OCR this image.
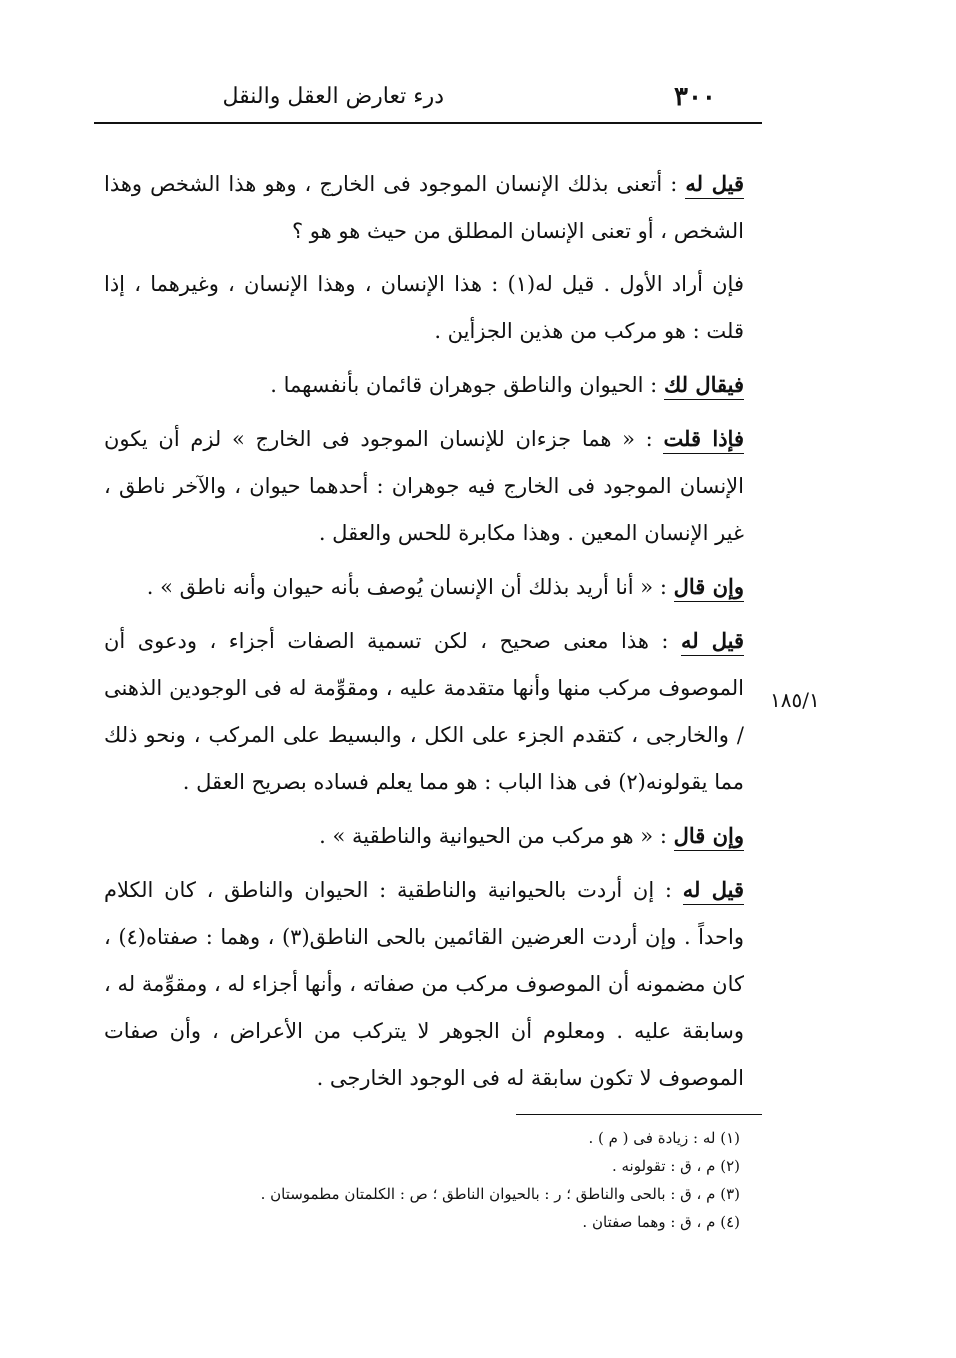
٣٠٠
درء تعارض العقل والنقل
١٨٥/١

قيل له : أتعنى بذلك الإنسان الموجود فى الخارج ، وهو هذا الشخص وهذا الشخص ، أو تعنى الإنسان المطلق من حيث هو هو ؟

فإن أراد الأول . قيل له(١) : هذا الإنسان ، وهذا الإنسان ، وغيرهما ، إذا قلت : هو مركب من هذين الجزأين .

فيقال لك : الحيوان والناطق جوهران قائمان بأنفسهما .

فإذا قلت : « هما جزءان للإنسان الموجود فى الخارج » لزم أن يكون الإنسان الموجود فى الخارج فيه جوهران : أحدهما حيوان ، والآخر ناطق ، غير الإنسان المعين . وهذا مكابرة للحس والعقل .

وإن قال : « أنا أريد بذلك أن الإنسان يُوصف بأنه حيوان وأنه ناطق » .

قيل له : هذا معنى صحيح ، لكن تسمية الصفات أجزاء ، ودعوى أن الموصوف مركب منها وأنها متقدمة عليه ، ومقوِّمة له فى الوجودين الذهنى / والخارجى ، كتقدم الجزء على الكل ، والبسيط على المركب ، ونحو ذلك مما يقولونه(٢) فى هذا الباب : هو مما يعلم فساده بصريح العقل .

وإن قال : « هو مركب من الحيوانية والناطقية » .

قيل له : إن أردت بالحيوانية والناطقية : الحيوان والناطق ، كان الكلام واحداً . وإن أردت العرضين القائمين بالحى الناطق(٣) ، وهما : صفتاه(٤) ، كان مضمونه أن الموصوف مركب من صفاته ، وأنها أجزاء له ، ومقوِّمة له ، وسابقة عليه . ومعلوم أن الجوهر لا يتركب من الأعراض ، وأن صفات الموصوف لا تكون سابقة له فى الوجود الخارجى .

(١) له : زيادة فى ( م ) .

(٢) م ، ق : تقولونه .

(٣) م ، ق : بالحى والناطق ؛ ر : بالحيوان الناطق ؛ ص : الكلمتان مطموستان .

(٤) م ، ق : وهما صفتان .
